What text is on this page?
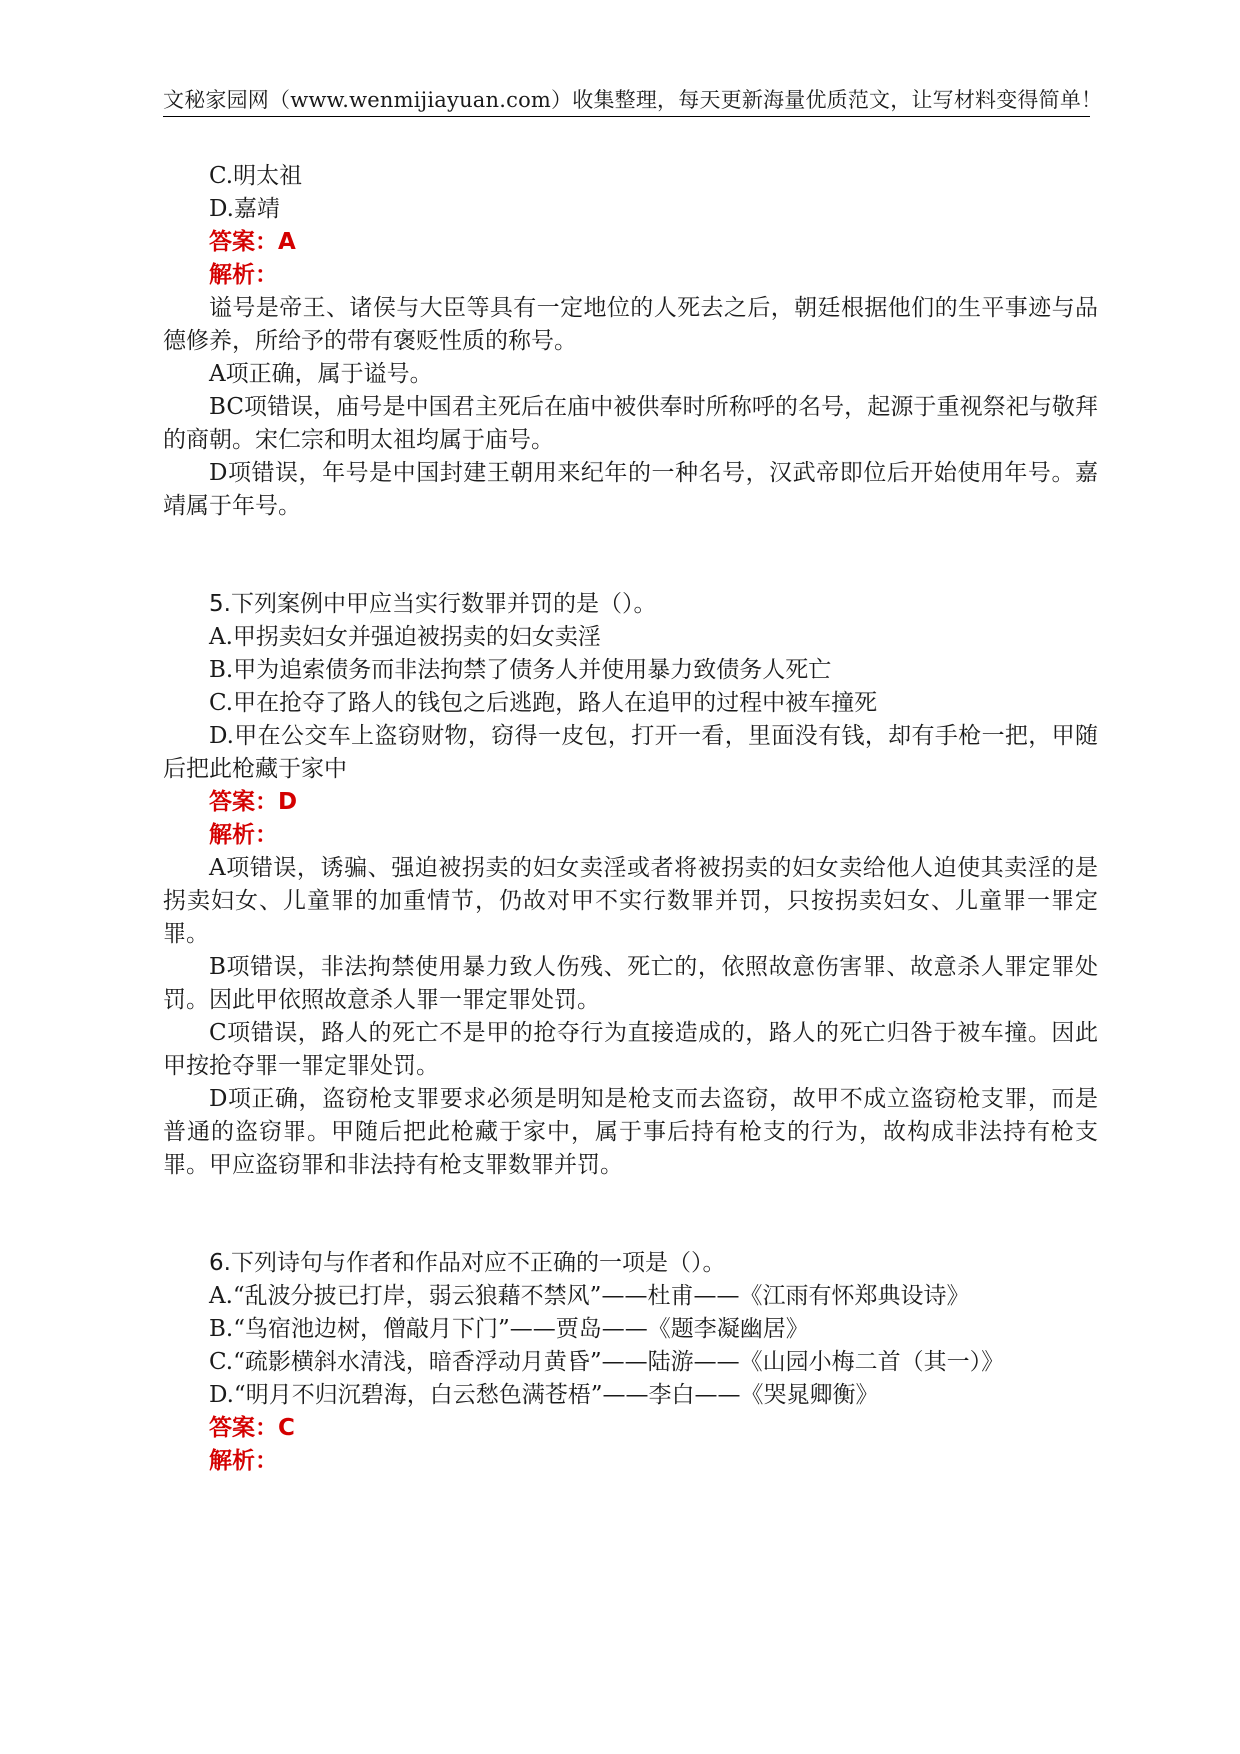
文秘家园网（www.wenmijiayuan.com）收集整理，每天更新海量优质范文，让写材料变得简单！
C.明太祖
D.嘉靖
答案：A
解析：

谥号是帝王、诸侯与大臣等具有一定地位的人死去之后，朝廷根据他们的生平事迹与品德修养，所给予的带有褒贬性质的称号。

A项正确，属于谥号。

BC项错误，庙号是中国君主死后在庙中被供奉时所称呼的名号，起源于重视祭祀与敬拜的商朝。宋仁宗和明太祖均属于庙号。

D项错误，年号是中国封建王朝用来纪年的一种名号，汉武帝即位后开始使用年号。嘉靖属于年号。

5.下列案例中甲应当实行数罪并罚的是（）。
A.甲拐卖妇女并强迫被拐卖的妇女卖淫
B.甲为追索债务而非法拘禁了债务人并使用暴力致债务人死亡
C.甲在抢夺了路人的钱包之后逃跑，路人在追甲的过程中被车撞死

D.甲在公交车上盗窃财物，窃得一皮包，打开一看，里面没有钱，却有手枪一把，甲随后把此枪藏于家中

答案：D
解析：

A项错误，诱骗、强迫被拐卖的妇女卖淫或者将被拐卖的妇女卖给他人迫使其卖淫的是拐卖妇女、儿童罪的加重情节，仍故对甲不实行数罪并罚，只按拐卖妇女、儿童罪一罪定罪。

B项错误，非法拘禁使用暴力致人伤残、死亡的，依照故意伤害罪、故意杀人罪定罪处罚。因此甲依照故意杀人罪一罪定罪处罚。

C项错误，路人的死亡不是甲的抢夺行为直接造成的，路人的死亡归咎于被车撞。因此甲按抢夺罪一罪定罪处罚。

D项正确，盗窃枪支罪要求必须是明知是枪支而去盗窃，故甲不成立盗窃枪支罪，而是普通的盗窃罪。甲随后把此枪藏于家中，属于事后持有枪支的行为，故构成非法持有枪支罪。甲应盗窃罪和非法持有枪支罪数罪并罚。

6.下列诗句与作者和作品对应不正确的一项是（）。
A.“乱波分披已打岸，弱云狼藉不禁风”——杜甫——《江雨有怀郑典设诗》
B.“鸟宿池边树，僧敲月下门”——贾岛——《题李凝幽居》

C.“疏影横斜水清浅，暗香浮动月黄昏”——陆游——《山园小梅二首（其一）》

D.“明月不归沉碧海，白云愁色满苍梧”——李白——《哭晁卿衡》
答案：C
解析：
